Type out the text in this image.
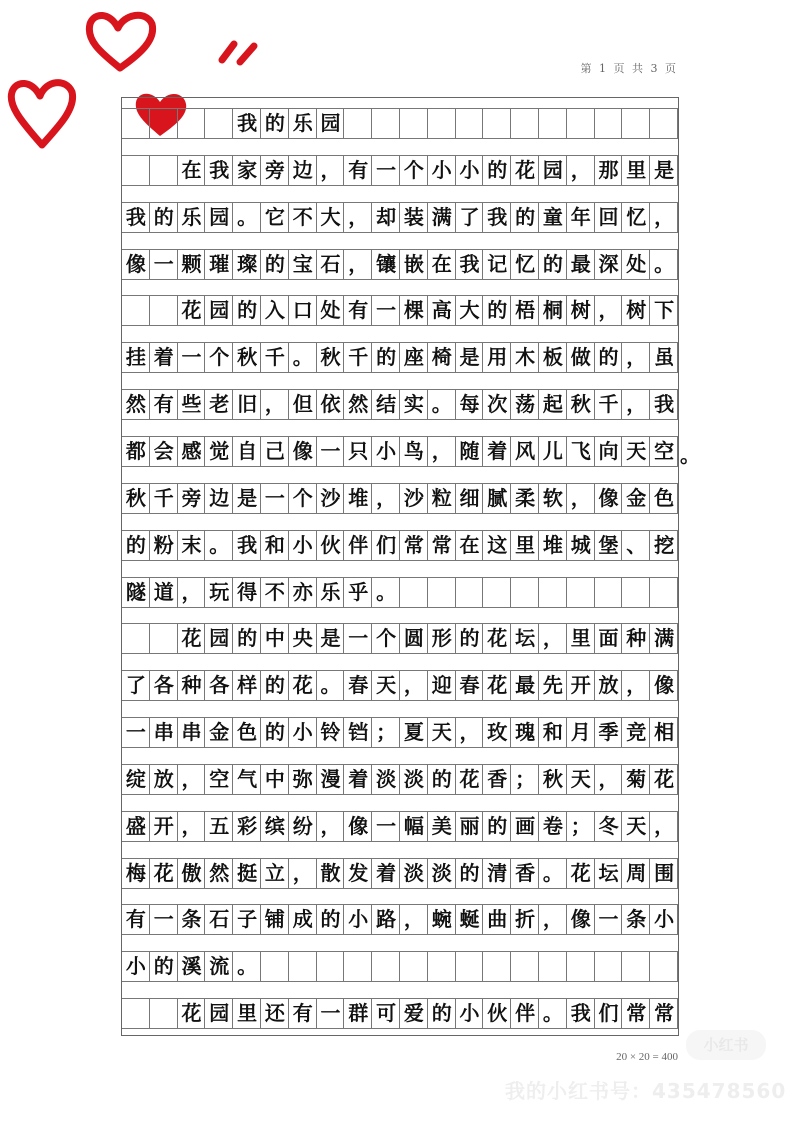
第 1 页 共 3 页
我的乐园
在我家旁边，有一个小小的花园，那里是
我的乐园。它不大，却装满了我的童年回忆，
像一颗璀璨的宝石，镶嵌在我记忆的最深处。
花园的入口处有一棵高大的梧桐树，树下
挂着一个秋千。秋千的座椅是用木板做的，虽
然有些老旧，但依然结实。每次荡起秋千，我
都会感觉自己像一只小鸟，随着风儿飞向天空
秋千旁边是一个沙堆，沙粒细腻柔软，像金色
的粉末。我和小伙伴们常常在这里堆城堡、挖
隧道，玩得不亦乐乎。
花园的中央是一个圆形的花坛，里面种满
了各种各样的花。春天，迎春花最先开放，像
一串串金色的小铃铛；夏天，玫瑰和月季竞相
绽放，空气中弥漫着淡淡的花香；秋天，菊花
盛开，五彩缤纷，像一幅美丽的画卷；冬天，
梅花傲然挺立，散发着淡淡的清香。花坛周围
有一条石子铺成的小路，蜿蜒曲折，像一条小
小的溪流。
花园里还有一群可爱的小伙伴。我们常常
20 × 20 = 400
小红书
我的小红书号：435478560
。
